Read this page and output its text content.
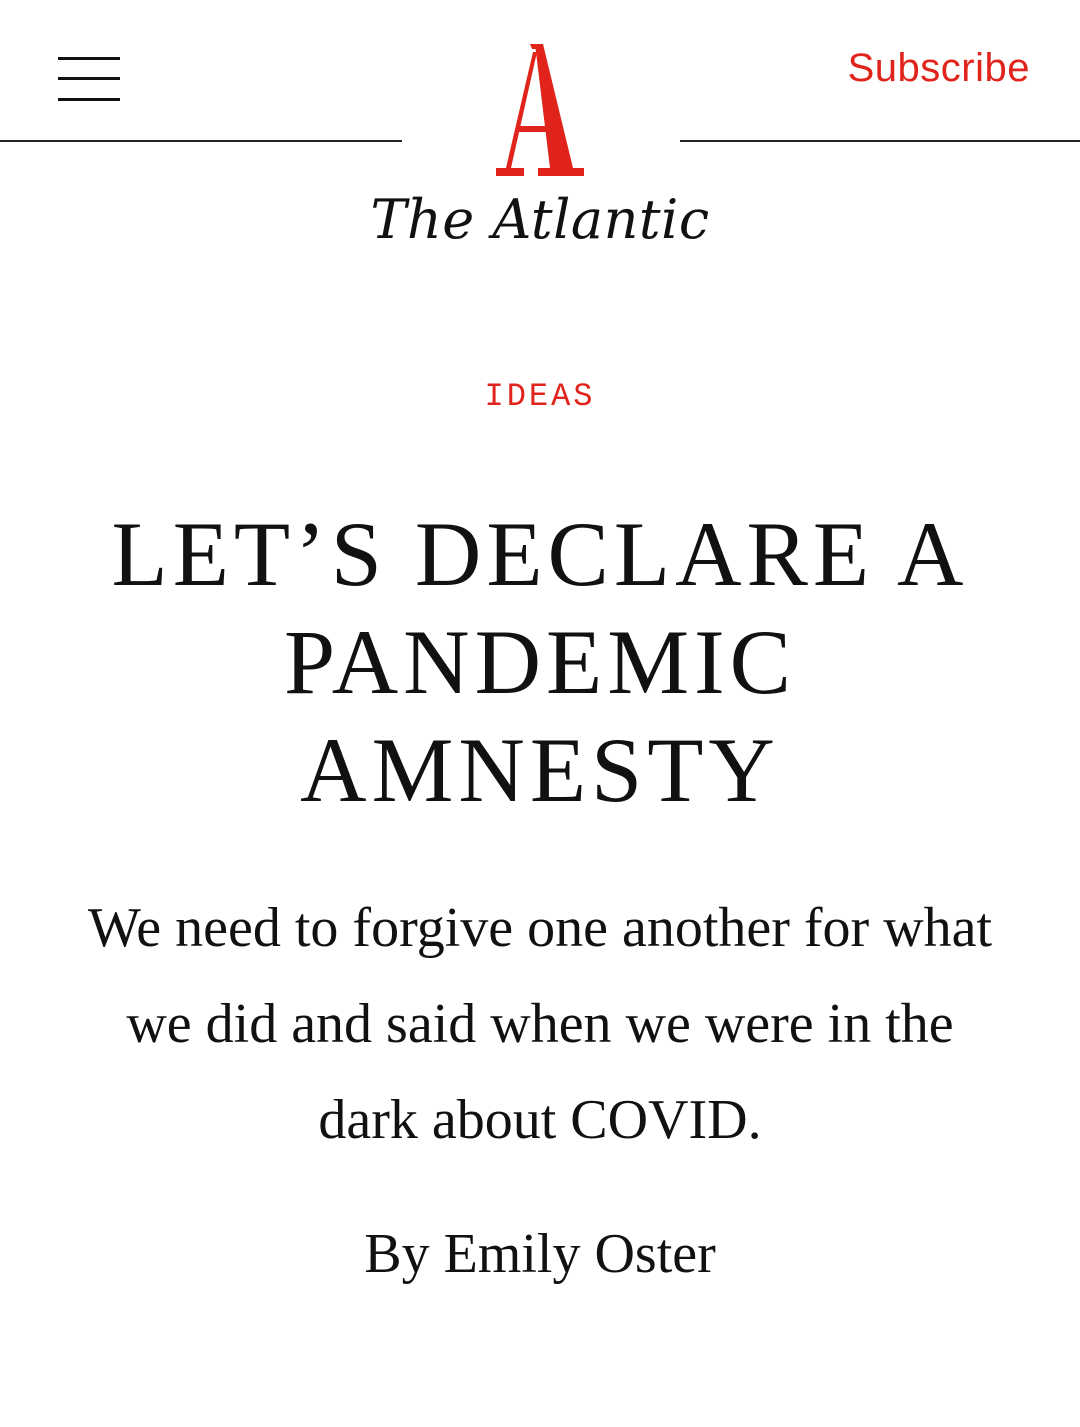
The Atlantic
Subscribe
IDEAS
LET’S DECLARE A PANDEMIC AMNESTY

We need to forgive one another for what we did and said when we were in the dark about COVID.

By Emily Oster
